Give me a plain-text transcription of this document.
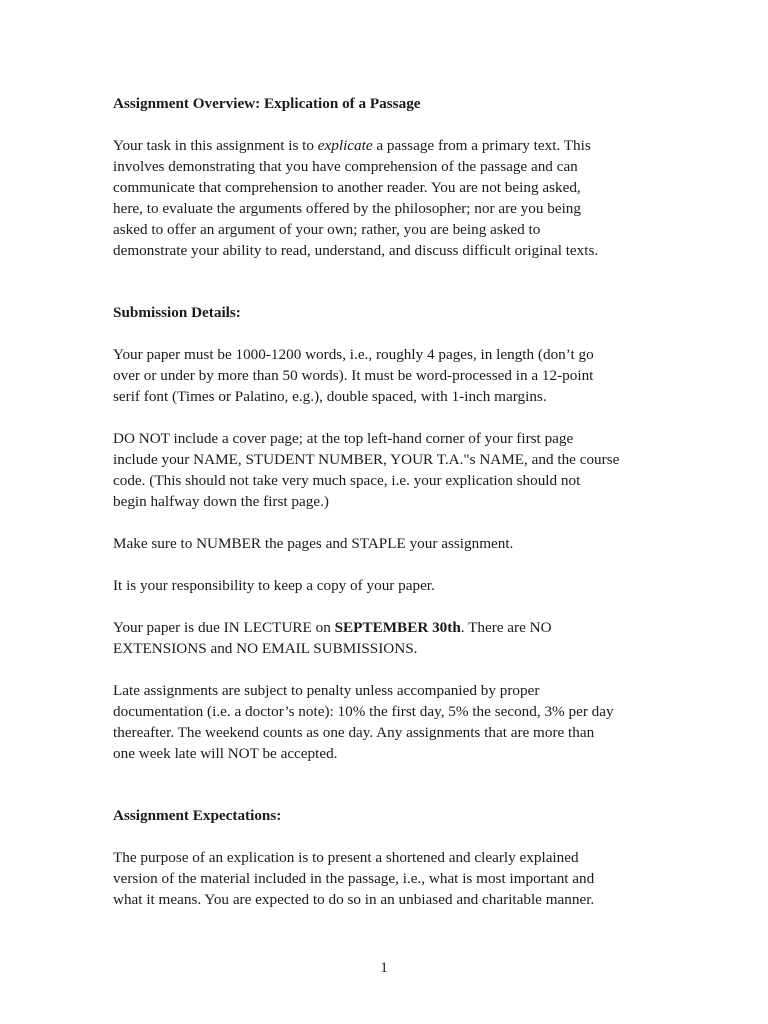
Assignment Overview: Explication of a Passage
Your task in this assignment is to explicate a passage from a primary text. This
involves demonstrating that you have comprehension of the passage and can
communicate that comprehension to another reader. You are not being asked,
here, to evaluate the arguments offered by the philosopher; nor are you being
asked to offer an argument of your own; rather, you are being asked to
demonstrate your ability to read, understand, and discuss difficult original texts.
Submission Details:
Your paper must be 1000-1200 words, i.e., roughly 4 pages, in length (don’t go
over or under by more than 50 words). It must be word-processed in a 12-point
serif font (Times or Palatino, e.g.), double spaced, with 1-inch margins.
DO NOT include a cover page; at the top left-hand corner of your first page
include your NAME, STUDENT NUMBER, YOUR T.A."s NAME, and the course
code. (This should not take very much space, i.e. your explication should not
begin halfway down the first page.)
Make sure to NUMBER the pages and STAPLE your assignment.
It is your responsibility to keep a copy of your paper.
Your paper is due IN LECTURE on SEPTEMBER 30th. There are NO
EXTENSIONS and NO EMAIL SUBMISSIONS.
Late assignments are subject to penalty unless accompanied by proper
documentation (i.e. a doctor’s note): 10% the first day, 5% the second, 3% per day
thereafter. The weekend counts as one day. Any assignments that are more than
one week late will NOT be accepted.
Assignment Expectations:
The purpose of an explication is to present a shortened and clearly explained
version of the material included in the passage, i.e., what is most important and
what it means. You are expected to do so in an unbiased and charitable manner.
1
